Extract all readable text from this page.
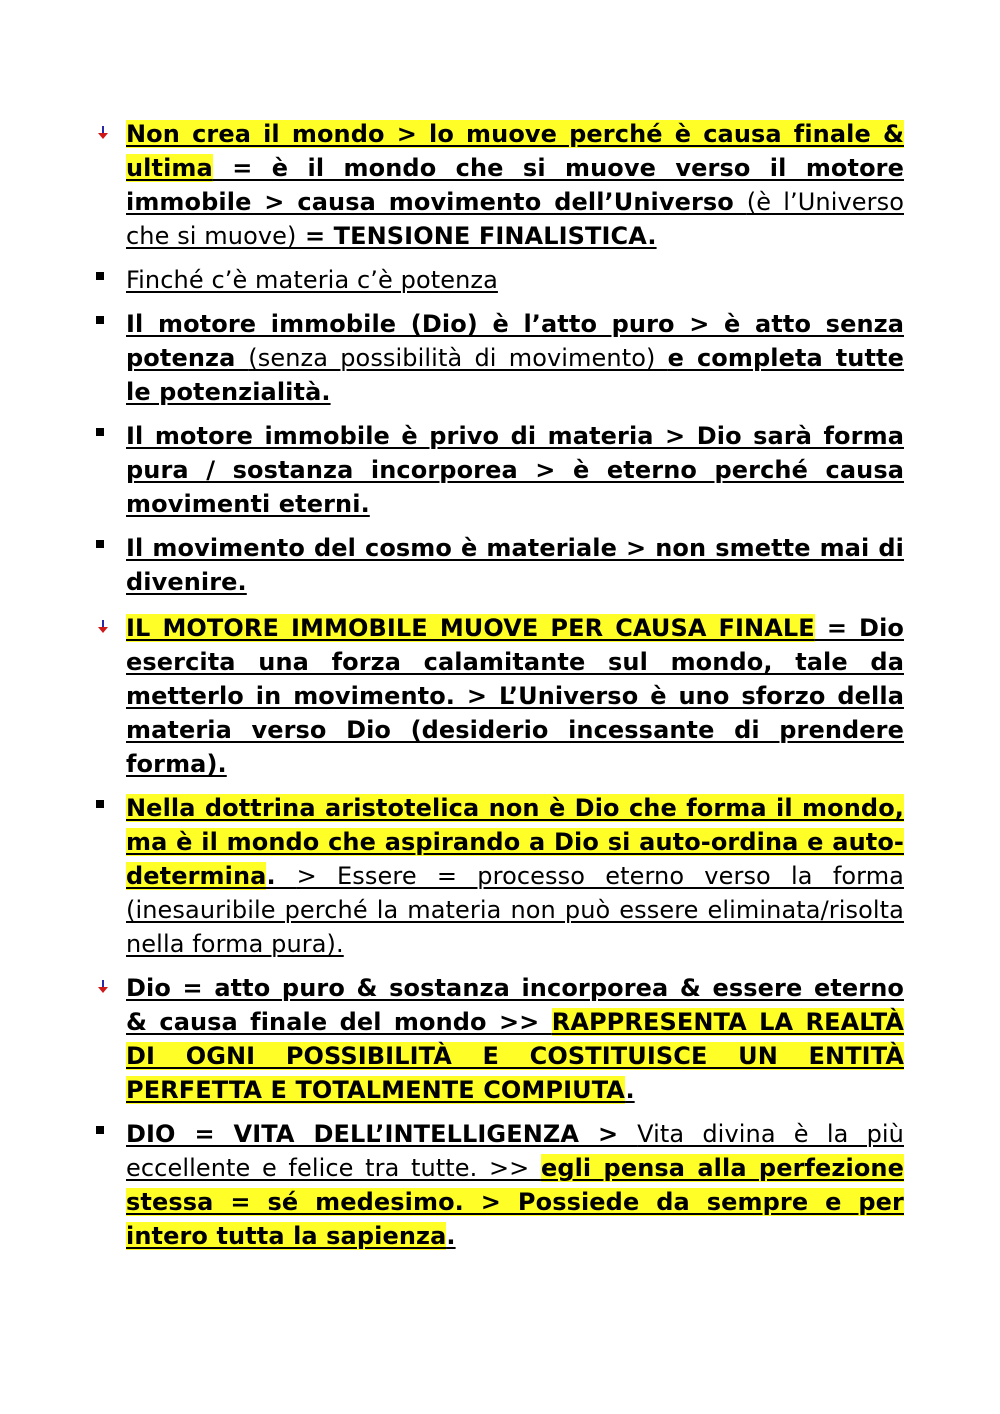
Non crea il mondo > lo muove perché è causa finale & ultima = è il mondo che si muove verso il motore immobile > causa movimento dell’Universo (è l’Universo che si muove) = TENSIONE FINALISTICA.
Finché c’è materia c’è potenza
Il motore immobile (Dio) è l’atto puro > è atto senza potenza (senza possibilità di movimento) e completa tutte le potenzialità.
Il motore immobile è privo di materia > Dio sarà forma pura / sostanza incorporea > è eterno perché causa movimenti eterni.
Il movimento del cosmo è materiale > non smette mai di divenire.
IL MOTORE IMMOBILE MUOVE PER CAUSA FINALE = Dio esercita una forza calamitante sul mondo, tale da metterlo in movimento. > L’Universo è uno sforzo della materia verso Dio (desiderio incessante di prendere forma).
Nella dottrina aristotelica non è Dio che forma il mondo, ma è il mondo che aspirando a Dio si auto-ordina e auto-determina. > Essere = processo eterno verso la forma (inesauribile perché la materia non può essere eliminata/risolta nella forma pura).
Dio = atto puro & sostanza incorporea & essere eterno & causa finale del mondo >> RAPPRESENTA LA REALTÀ DI OGNI POSSIBILITÀ E COSTITUISCE UN ENTITÀ PERFETTA E TOTALMENTE COMPIUTA.
DIO = VITA DELL’INTELLIGENZA > Vita divina è la più eccellente e felice tra tutte. >> egli pensa alla perfezione stessa = sé medesimo. > Possiede da sempre e per intero tutta la sapienza.
